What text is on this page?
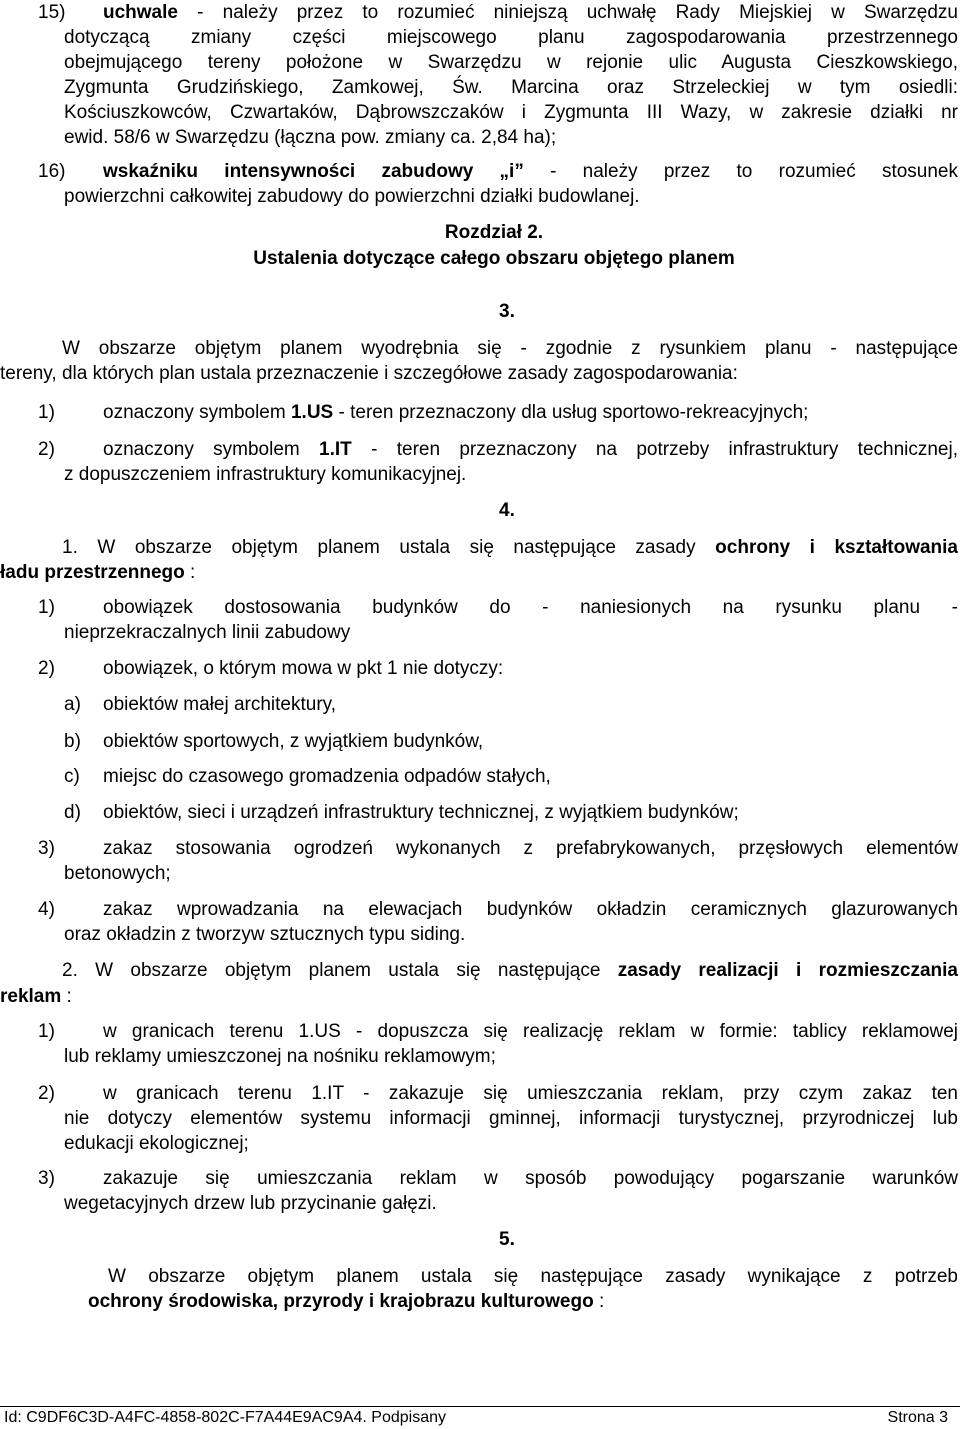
15) uchwale - należy przez to rozumieć niniejszą uchwałę Rady Miejskiej w Swarzędzu
dotyczącą zmiany części miejscowego planu zagospodarowania przestrzennego
obejmującego tereny położone w Swarzędzu w rejonie ulic Augusta Cieszkowskiego,
Zygmunta Grudzińskiego, Zamkowej, Św. Marcina oraz Strzeleckiej w tym osiedli:
Kościuszkowców, Czwartaków, Dąbrowszczaków i Zygmunta III Wazy, w zakresie działki nr
ewid. 58/6 w Swarzędzu (łączna pow. zmiany ca. 2,84 ha);
16) wskaźniku intensywności zabudowy „i” - należy przez to rozumieć stosunek
powierzchni całkowitej zabudowy do powierzchni działki budowlanej.
Rozdział 2.
Ustalenia dotyczące całego obszaru objętego planem
3.
W obszarze objętym planem wyodrębnia się - zgodnie z rysunkiem planu - następujące
tereny, dla których plan ustala przeznaczenie i szczegółowe zasady zagospodarowania:
1)	oznaczony symbolem 1.US - teren przeznaczony dla usług sportowo-rekreacyjnych;
2)	oznaczony symbolem 1.IT - teren przeznaczony na potrzeby infrastruktury technicznej,
z dopuszczeniem infrastruktury komunikacyjnej.
4.
1. W obszarze objętym planem ustala się następujące zasady ochrony i kształtowania
ładu przestrzennego :
1)	obowiązek dostosowania budynków do - naniesionych na rysunku planu -
nieprzekraczalnych linii zabudowy
2)	obowiązek, o którym mowa w pkt 1 nie dotyczy:
a) obiektów małej architektury,
b) obiektów sportowych, z wyjątkiem budynków,
c) miejsc do czasowego gromadzenia odpadów stałych,
d) obiektów, sieci i urządzeń infrastruktury technicznej, z wyjątkiem budynków;
3)	zakaz stosowania ogrodzeń wykonanych z prefabrykowanych, przęsłowych elementów
betonowych;
4)	zakaz wprowadzania na elewacjach budynków okładzin ceramicznych glazurowanych
oraz okładzin z tworzyw sztucznych typu siding.
2. W obszarze objętym planem ustala się następujące zasady realizacji i rozmieszczania
reklam :
1)	w granicach terenu 1.US - dopuszcza się realizację reklam w formie: tablicy reklamowej
lub reklamy umieszczonej na nośniku reklamowym;
2)	w granicach terenu 1.IT - zakazuje się umieszczania reklam, przy czym zakaz ten
nie dotyczy elementów systemu informacji gminnej, informacji turystycznej, przyrodniczej lub
edukacji ekologicznej;
3)	zakazuje się umieszczania reklam w sposób powodujący pogarszanie warunków
wegetacyjnych drzew lub przycinanie gałęzi.
5.
W obszarze objętym planem ustala się następujące zasady wynikające z potrzeb
ochrony środowiska, przyrody i krajobrazu kulturowego :
Id: C9DF6C3D-A4FC-4858-802C-F7A44E9AC9A4. Podpisany	Strona 3
